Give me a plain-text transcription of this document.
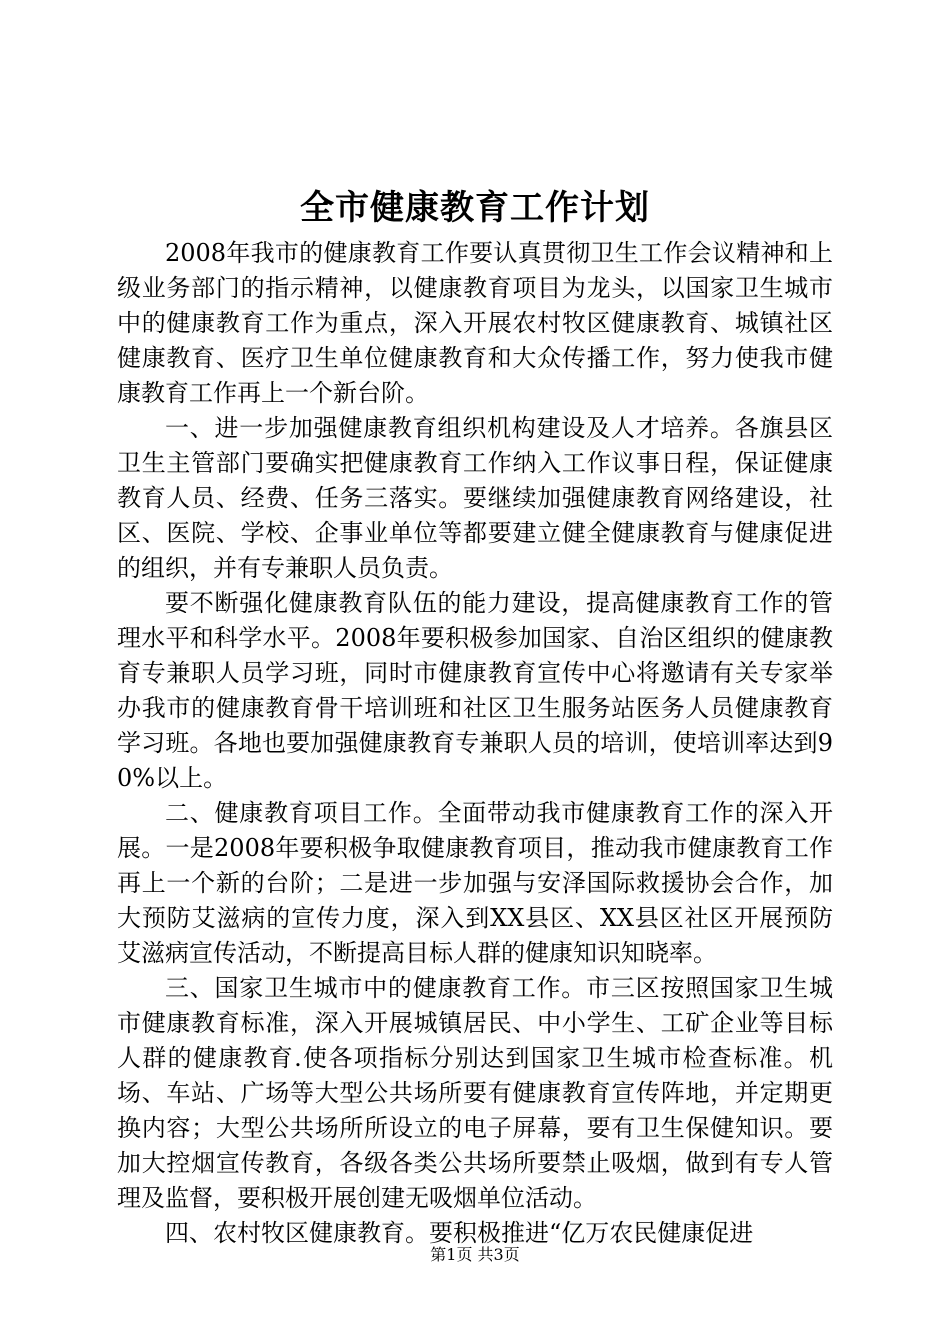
全市健康教育工作计划

2008年我市的健康教育工作要认真贯彻卫生工作会议精神和上级业务部门的指示精神，以健康教育项目为龙头，以国家卫生城市中的健康教育工作为重点，深入开展农村牧区健康教育、城镇社区健康教育、医疗卫生单位健康教育和大众传播工作，努力使我市健康教育工作再上一个新台阶。

一、进一步加强健康教育组织机构建设及人才培养。各旗县区卫生主管部门要确实把健康教育工作纳入工作议事日程，保证健康教育人员、经费、任务三落实。要继续加强健康教育网络建设，社区、医院、学校、企事业单位等都要建立健全健康教育与健康促进的组织，并有专兼职人员负责。

要不断强化健康教育队伍的能力建设，提高健康教育工作的管理水平和科学水平。2008年要积极参加国家、自治区组织的健康教育专兼职人员学习班，同时市健康教育宣传中心将邀请有关专家举办我市的健康教育骨干培训班和社区卫生服务站医务人员健康教育学习班。各地也要加强健康教育专兼职人员的培训，使培训率达到90%以上。

二、健康教育项目工作。全面带动我市健康教育工作的深入开展。一是2008年要积极争取健康教育项目，推动我市健康教育工作再上一个新的台阶；二是进一步加强与安泽国际救援协会合作，加大预防艾滋病的宣传力度，深入到XX县区、XX县区社区开展预防艾滋病宣传活动，不断提高目标人群的健康知识知晓率。

三、国家卫生城市中的健康教育工作。市三区按照国家卫生城市健康教育标准，深入开展城镇居民、中小学生、工矿企业等目标人群的健康教育.使各项指标分别达到国家卫生城市检查标准。机场、车站、广场等大型公共场所要有健康教育宣传阵地，并定期更换内容；大型公共场所所设立的电子屏幕，要有卫生保健知识。要加大控烟宣传教育，各级各类公共场所要禁止吸烟，做到有专人管理及监督，要积极开展创建无吸烟单位活动。

四、农村牧区健康教育。要积极推进“亿万农民健康促进

第1页 共3页
